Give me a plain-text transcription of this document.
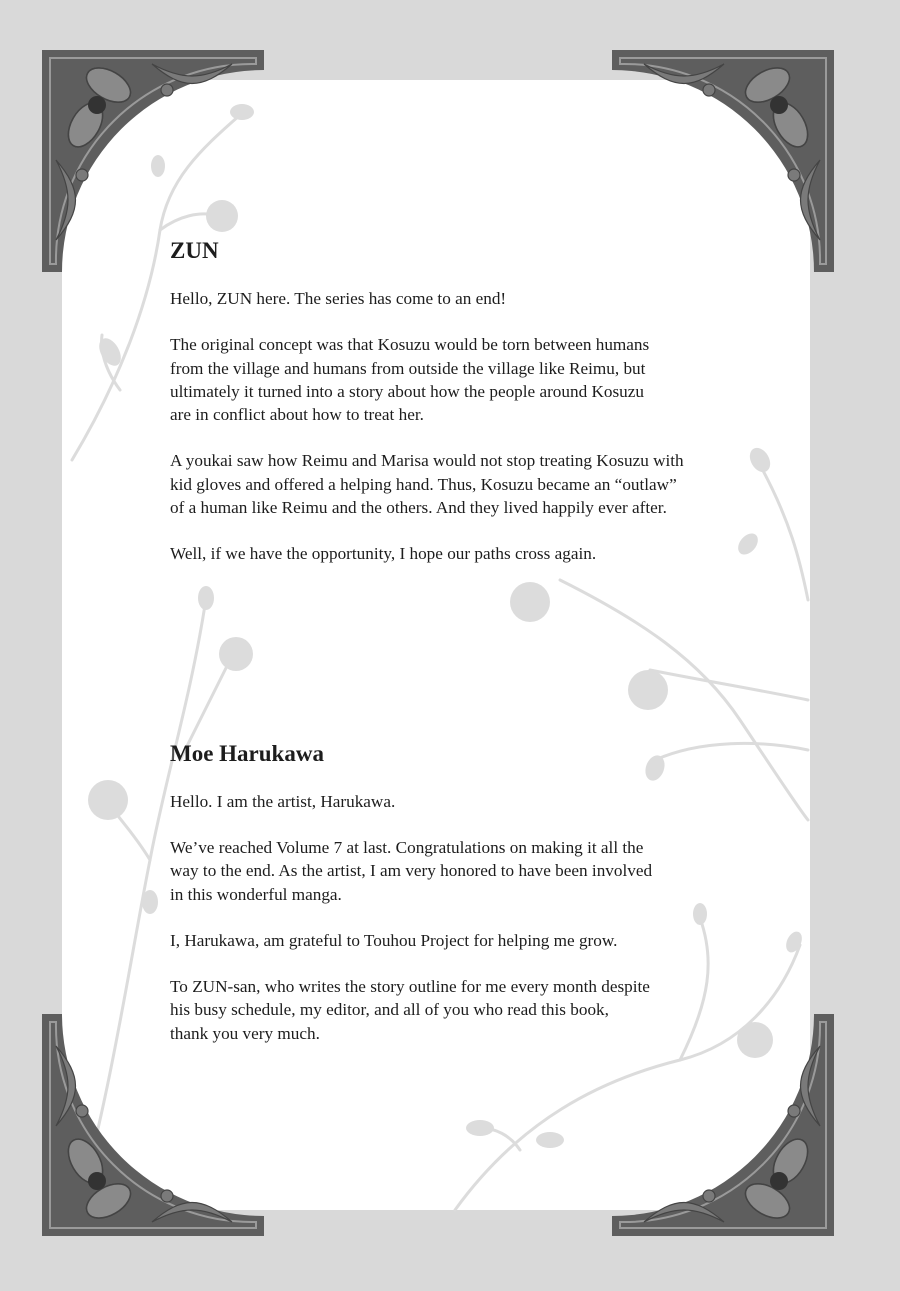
ZUN

Hello, ZUN here. The series has come to an end!

The original concept was that Kosuzu would be torn between humans
from the village and humans from outside the village like Reimu, but
ultimately it turned into a story about how the people around Kosuzu
are in conflict about how to treat her.

A youkai saw how Reimu and Marisa would not stop treating Kosuzu with
kid gloves and offered a helping hand. Thus, Kosuzu became an “outlaw”
of a human like Reimu and the others. And they lived happily ever after.

Well, if we have the opportunity, I hope our paths cross again.

Moe Harukawa

Hello. I am the artist, Harukawa.

We’ve reached Volume 7 at last. Congratulations on making it all the
way to the end. As the artist, I am very honored to have been involved
in this wonderful manga.

I, Harukawa, am grateful to Touhou Project for helping me grow.

To ZUN-san, who writes the story outline for me every month despite
his busy schedule, my editor, and all of you who read this book,
thank you very much.
